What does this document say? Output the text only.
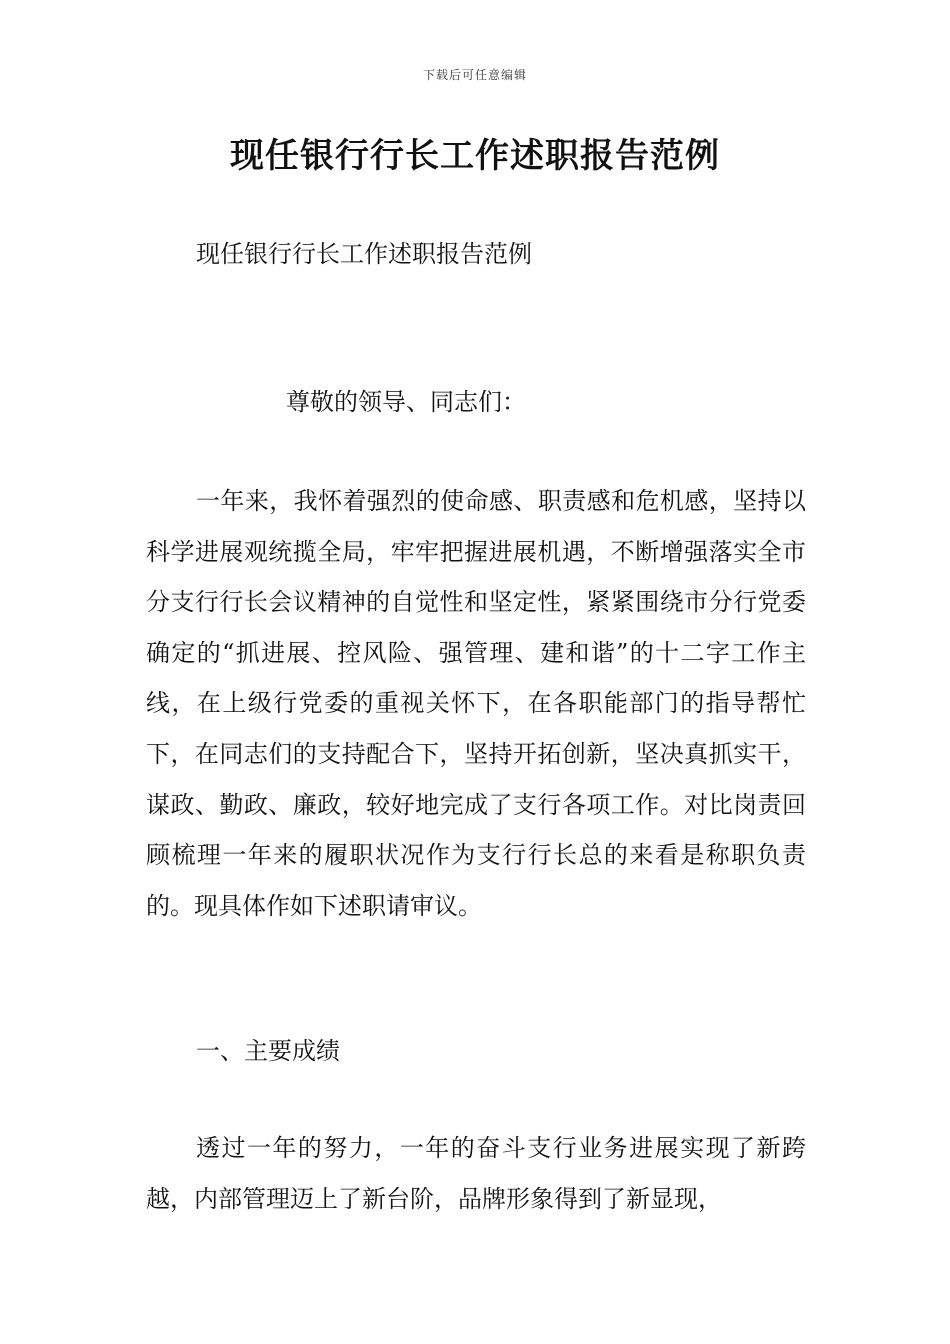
下载后可任意编辑
现任银行行长工作述职报告范例

现任银行行长工作述职报告范例

尊敬的领导、同志们：

一年来，我怀着强烈的使命感、职责感和危机感，坚持以科学进展观统揽全局，牢牢把握进展机遇，不断增强落实全市分支行行长会议精神的自觉性和坚定性，紧紧围绕市分行党委确定的“抓进展、控风险、强管理、建和谐”的十二字工作主线，在上级行党委的重视关怀下，在各职能部门的指导帮忙下，在同志们的支持配合下，坚持开拓创新，坚决真抓实干，谋政、勤政、廉政，较好地完成了支行各项工作。对比岗责回顾梳理一年来的履职状况作为支行行长总的来看是称职负责的。现具体作如下述职请审议。

一、主要成绩

透过一年的努力，一年的奋斗支行业务进展实现了新跨越，内部管理迈上了新台阶，品牌形象得到了新显现，
